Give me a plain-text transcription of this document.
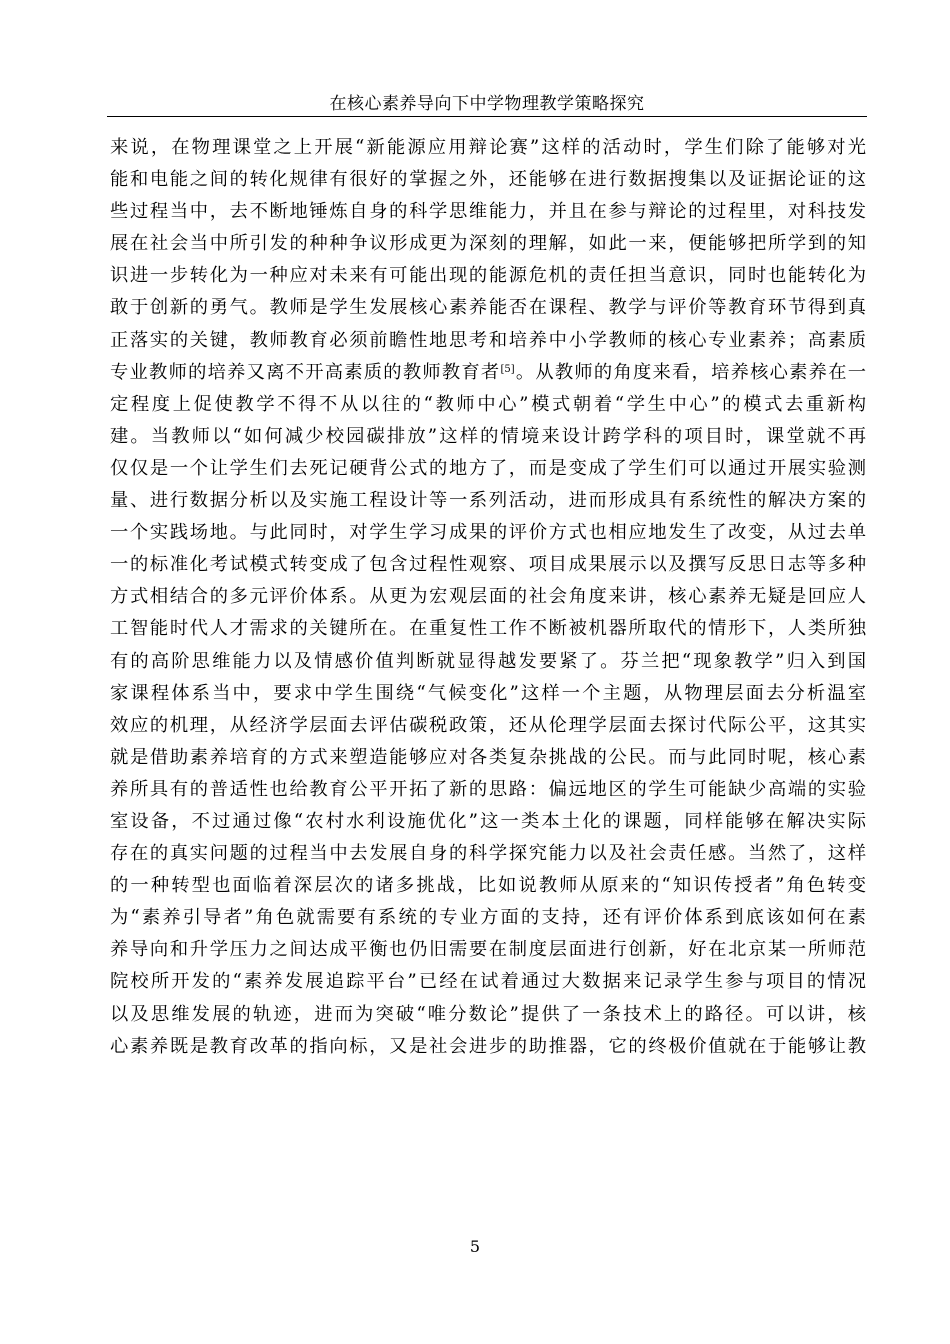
在核心素养导向下中学物理教学策略探究
来说，在物理课堂之上开展“新能源应用辩论赛”这样的活动时，学生们除了能够对光
能和电能之间的转化规律有很好的掌握之外，还能够在进行数据搜集以及证据论证的这
些过程当中，去不断地锤炼自身的科学思维能力，并且在参与辩论的过程里，对科技发
展在社会当中所引发的种种争议形成更为深刻的理解，如此一来，便能够把所学到的知
识进一步转化为一种应对未来有可能出现的能源危机的责任担当意识，同时也能转化为
敢于创新的勇气。教师是学生发展核心素养能否在课程、教学与评价等教育环节得到真
正落实的关键，教师教育必须前瞻性地思考和培养中小学教师的核心专业素养；高素质
专业教师的培养又离不开高素质的教师教育者[5]。从教师的角度来看，培养核心素养在一
定程度上促使教学不得不从以往的“教师中心”模式朝着“学生中心”的模式去重新构
建。当教师以“如何减少校园碳排放”这样的情境来设计跨学科的项目时，课堂就不再
仅仅是一个让学生们去死记硬背公式的地方了，而是变成了学生们可以通过开展实验测
量、进行数据分析以及实施工程设计等一系列活动，进而形成具有系统性的解决方案的
一个实践场地。与此同时，对学生学习成果的评价方式也相应地发生了改变，从过去单
一的标准化考试模式转变成了包含过程性观察、项目成果展示以及撰写反思日志等多种
方式相结合的多元评价体系。从更为宏观层面的社会角度来讲，核心素养无疑是回应人
工智能时代人才需求的关键所在。在重复性工作不断被机器所取代的情形下，人类所独
有的高阶思维能力以及情感价值判断就显得越发要紧了。芬兰把“现象教学”归入到国
家课程体系当中，要求中学生围绕“气候变化”这样一个主题，从物理层面去分析温室
效应的机理，从经济学层面去评估碳税政策，还从伦理学层面去探讨代际公平，这其实
就是借助素养培育的方式来塑造能够应对各类复杂挑战的公民。而与此同时呢，核心素
养所具有的普适性也给教育公平开拓了新的思路：偏远地区的学生可能缺少高端的实验
室设备，不过通过像“农村水利设施优化”这一类本土化的课题，同样能够在解决实际
存在的真实问题的过程当中去发展自身的科学探究能力以及社会责任感。当然了，这样
的一种转型也面临着深层次的诸多挑战，比如说教师从原来的“知识传授者”角色转变
为“素养引导者”角色就需要有系统的专业方面的支持，还有评价体系到底该如何在素
养导向和升学压力之间达成平衡也仍旧需要在制度层面进行创新，好在北京某一所师范
院校所开发的“素养发展追踪平台”已经在试着通过大数据来记录学生参与项目的情况
以及思维发展的轨迹，进而为突破“唯分数论”提供了一条技术上的路径。可以讲，核
心素养既是教育改革的指向标，又是社会进步的助推器，它的终极价值就在于能够让教
5
